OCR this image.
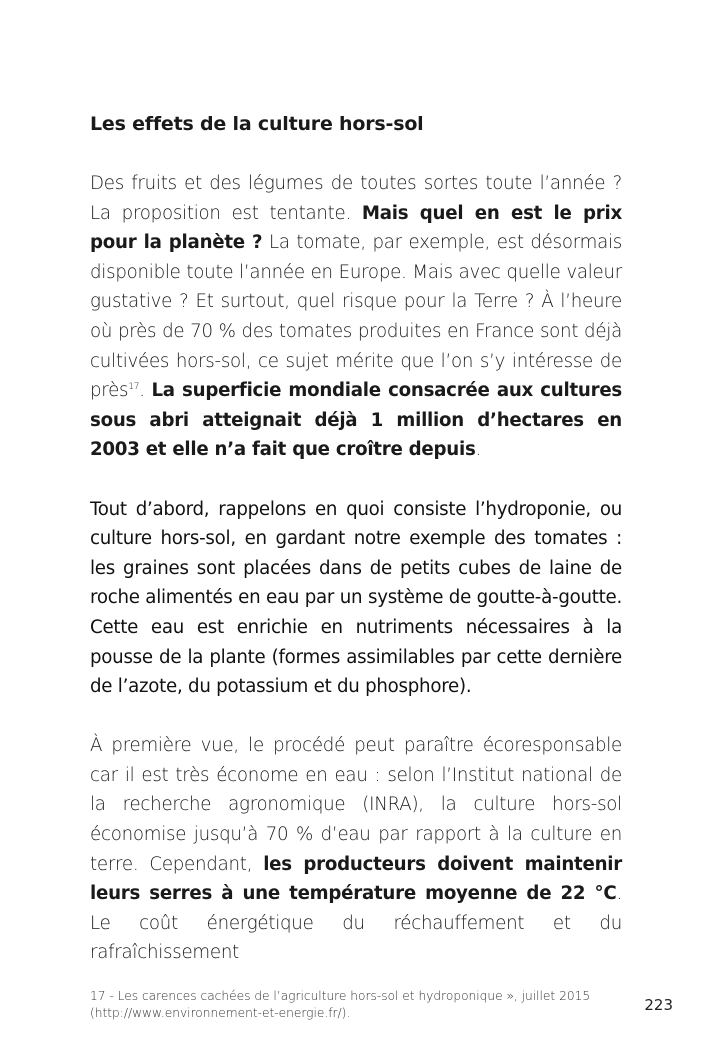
Les effets de la culture hors-sol

Des fruits et des légumes de toutes sortes toute l’année ? La proposition est tentante. Mais quel en est le prix pour la planète ? La tomate, par exemple, est désormais disponible toute l’année en Europe. Mais avec quelle valeur gustative ? Et surtout, quel risque pour la Terre ? À l’heure où près de 70 % des tomates produites en France sont déjà cultivées hors-sol, ce sujet mérite que l’on s’y intéresse de près$^{17}$. La superficie mondiale consacrée aux cultures sous abri atteignait déjà 1 million d’hectares en 2003 et elle n’a fait que croître depuis.

Tout d’abord, rappelons en quoi consiste l’hydroponie, ou culture hors-sol, en gardant notre exemple des tomates : les graines sont placées dans de petits cubes de laine de roche alimentés en eau par un système de goutte-à-goutte. Cette eau est enrichie en nutriments nécessaires à la pousse de la plante (formes assimilables par cette dernière de l’azote, du potassium et du phosphore).

À première vue, le procédé peut paraître écoresponsable car il est très économe en eau : selon l’Institut national de la recherche agronomique (INRA), la culture hors-sol économise jusqu’à 70 % d’eau par rapport à la culture en terre. Cependant, les producteurs doivent maintenir leurs serres à une température moyenne de 22 °C. Le coût énergétique du réchauffement et du rafraîchissement

17 - Les carences cachées de l’agriculture hors-sol et hydroponique », juillet 2015 (http://www.environnement-et-energie.fr/).	223
